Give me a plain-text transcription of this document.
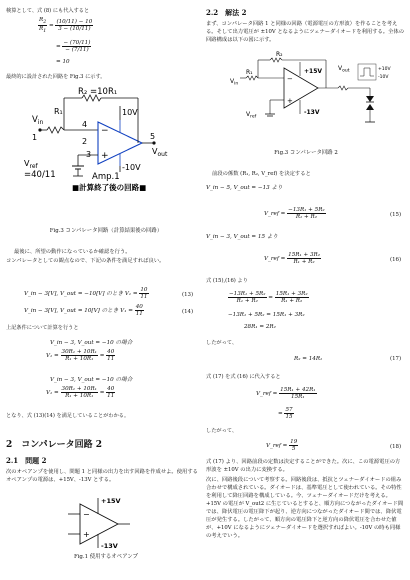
検算として、式 (8) にも代入すると
$\frac{R_2}{R_1} = \frac{(10/11) - 10}{3 - (10/11)}$
= $\frac{- (70/11)}{- (7/11)}$
= 10
最終的に設計された回路を Fig.3 に示す。
R₂ =10R₁
10V
R₁
$V_{in}$
1
4
2
3
−
+
5
$V_{out}$
-10V
$V_{ref}$
=40/11	Amp.1
■計算終了後の回路■
Fig.3 コンパレータ回路（計算結果後の回路）
最後に、所望の動作になっているか確認を行う。
コンパレータとしての観点なので、下記の条件を満足すれば良い。
V_in − 3[V], V_out = −10[V] のとき $V_1 = \frac{10}{11}$	(13)
V_in − 3[V], V_out = 10[V] のとき $V_1 = \frac{40}{11}$	(14)
上記条件について計算を行うと
V_in − 3, V_out = −10 の場合
$V_1 = \frac{\text{30R₁ + 10R₁}}{\text{R₁ + 10R₁}} = \frac{40}{11}$
V_in − 3, V_out = −10 の場合
$V_1 = \frac{\text{30R₁ + 10R₁}}{\text{R₁ + 10R₁}} = \frac{40}{11}$
となり、式 (13)(14) を満足していることがわかる。
2　コンパレータ回路 2
2.1　問題 2
次のオペアンプを使用し、問題 1 と同様の出力を出す回路を作成せよ。使用するオペアンプの電源は、+15V、-13V とする。
−
+
+15V
-13V
Fig.1 使用するオペアンプ
2.2　解法 2
まず、コンパレータ回路 1 と同様の回路（電源電圧の方形波）を作ることを考える。そして出力電圧が ±10V となるようにツェナーダイオードを利用する。全体の回路構成は以下の図に示す。
R₂
R₁
$V_{in}$
−
+
+15V
-13V
$V_{ref}$
$V_{out}$	+10V
-10V
Fig.3 コンパレータ回路 2
前段の係数 (R₁, R₂, V_ref) を決定すると
V_in − 5, V_out = −13 より
V_ref = $\frac{\text{−13R₁ + 5R₂}}{\text{R₁ + R₂}}$	(15)
V_in − 3, V_out = 15 より
V_ref = $\frac{\text{15R₁ + 3R₂}}{\text{R₁ + R₂}}$	(16)
式 (15),(16) より
$\frac{\text{−13R₁ + 5R₂}}{\text{R₁ + R₂}} = \frac{\text{15R₁ + 3R₂}}{\text{R₁ + R₂}}$
−13R₁ + 5R₂ = 15R₁ + 3R₂
28R₁ = 2R₂
したがって、
R₂ = 14R₁	(17)
式 (17) を式 (16) に代入すると
V_ref = $\frac{\text{15R₁ + 42R₁}}{\text{15R₁}}$
= $\frac{57}{15}$
したがって、
V_ref = $\frac{19}{5}$	(18)
式 (17) より、回路前段の定数は決定することができた。次に、この電源電圧の方形波を ±10V の出力に変換する。
次に、回路後段について考察する。回路後段は、抵抗とツェナーダイオードの組み合わせで構成されている。ダイオードは、基準電圧として使われている。その特性を利用して降圧回路を構成している。今、ツェナーダイオードだけを考える。+15V の電圧が V_out2 に生じているとすると、順方向につながったダイオード間では、降伏電圧の電圧降下が起り、逆方向につながったダイオード間では、降伏電圧が発生する。したがって、順方向の電圧降下と逆方向の降伏電圧を合わせた値が、+10V になるようにツェナーダイオードを選択すればよい。-10V の時も同様の考えでいう。
